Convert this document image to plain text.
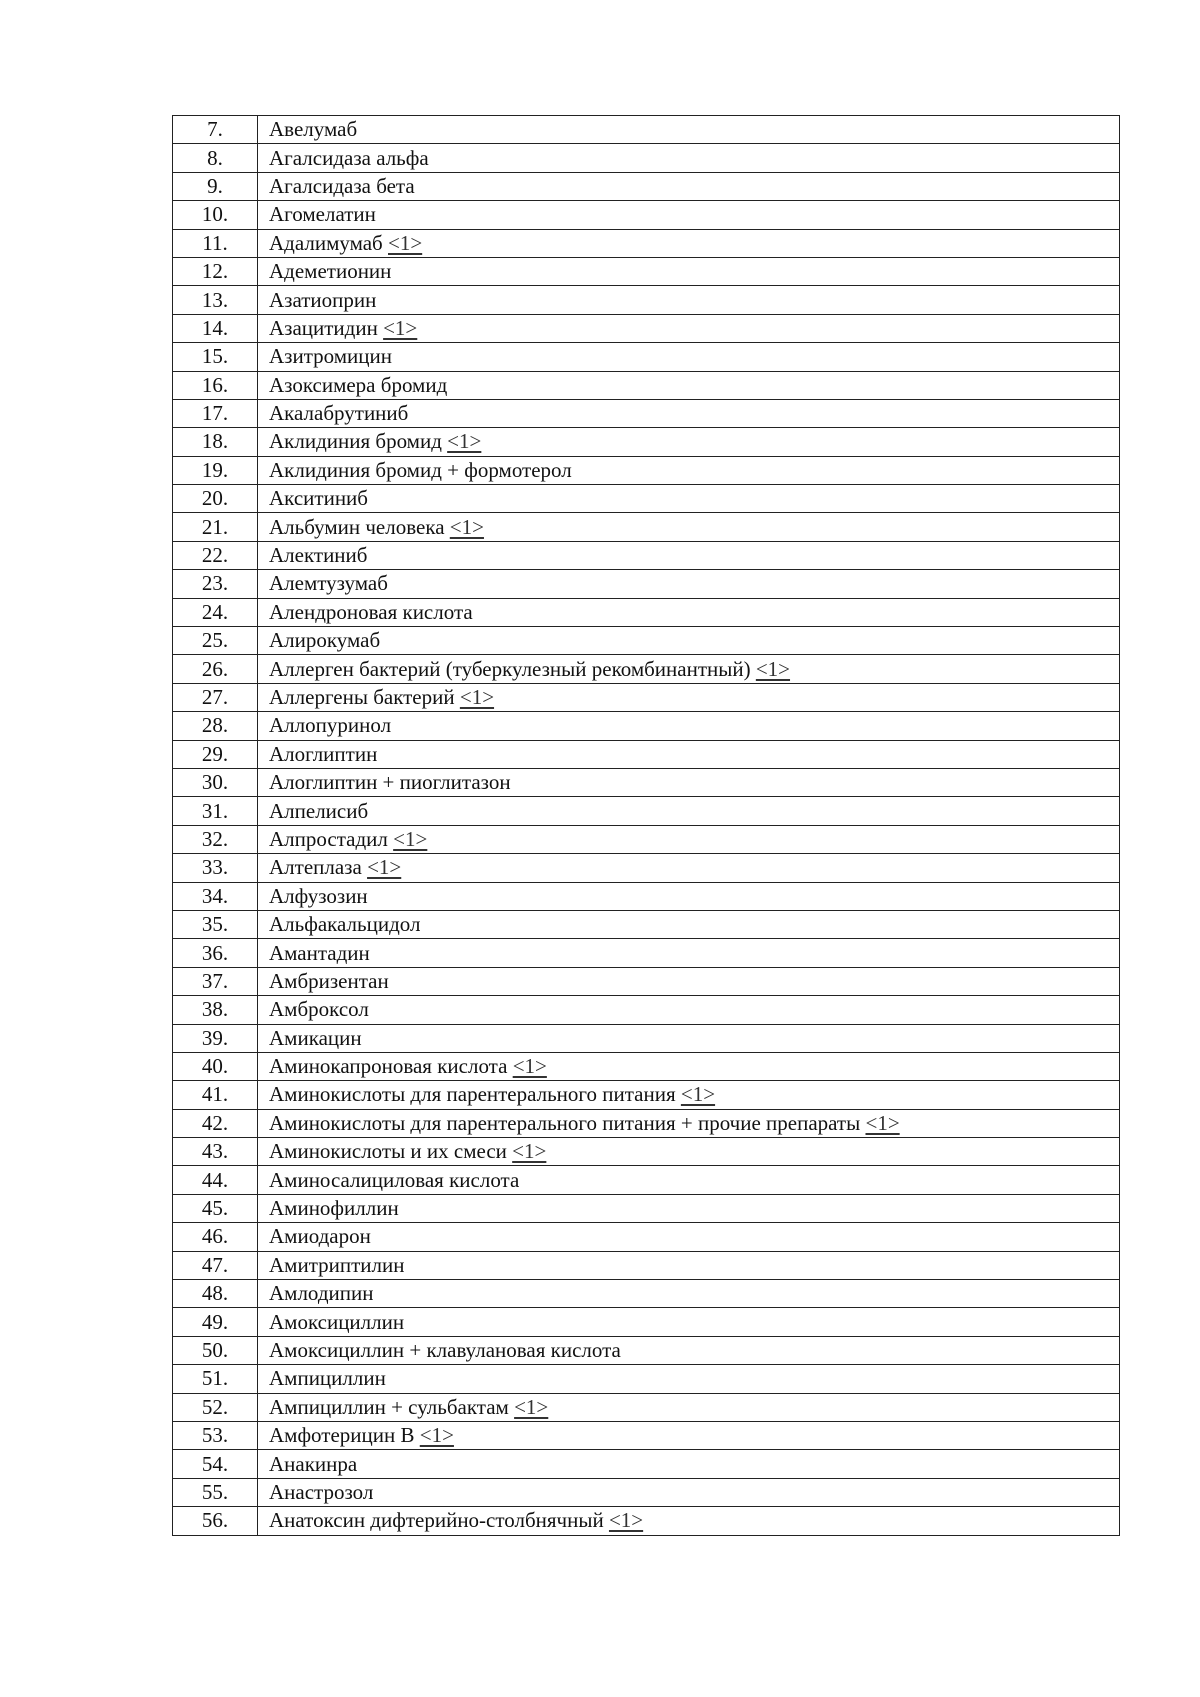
7.	Авелумаб
8.	Агалсидаза альфа
9.	Агалсидаза бета
10.	Агомелатин
11.	Адалимумаб <1>
12.	Адеметионин
13.	Азатиоприн
14.	Азацитидин <1>
15.	Азитромицин
16.	Азоксимера бромид
17.	Акалабрутиниб
18.	Аклидиния бромид <1>
19.	Аклидиния бромид + формотерол
20.	Акситиниб
21.	Альбумин человека <1>
22.	Алектиниб
23.	Алемтузумаб
24.	Алендроновая кислота
25.	Алирокумаб
26.	Аллерген бактерий (туберкулезный рекомбинантный) <1>
27.	Аллергены бактерий <1>
28.	Аллопуринол
29.	Алоглиптин
30.	Алоглиптин + пиоглитазон
31.	Алпелисиб
32.	Алпростадил <1>
33.	Алтеплаза <1>
34.	Алфузозин
35.	Альфакальцидол
36.	Амантадин
37.	Амбризентан
38.	Амброксол
39.	Амикацин
40.	Аминокапроновая кислота <1>
41.	Аминокислоты для парентерального питания <1>
42.	Аминокислоты для парентерального питания + прочие препараты <1>
43.	Аминокислоты и их смеси <1>
44.	Аминосалициловая кислота
45.	Аминофиллин
46.	Амиодарон
47.	Амитриптилин
48.	Амлодипин
49.	Амоксициллин
50.	Амоксициллин + клавулановая кислота
51.	Ампициллин
52.	Ампициллин + сульбактам <1>
53.	Амфотерицин B <1>
54.	Анакинра
55.	Анастрозол
56.	Анатоксин дифтерийно-столбнячный <1>
